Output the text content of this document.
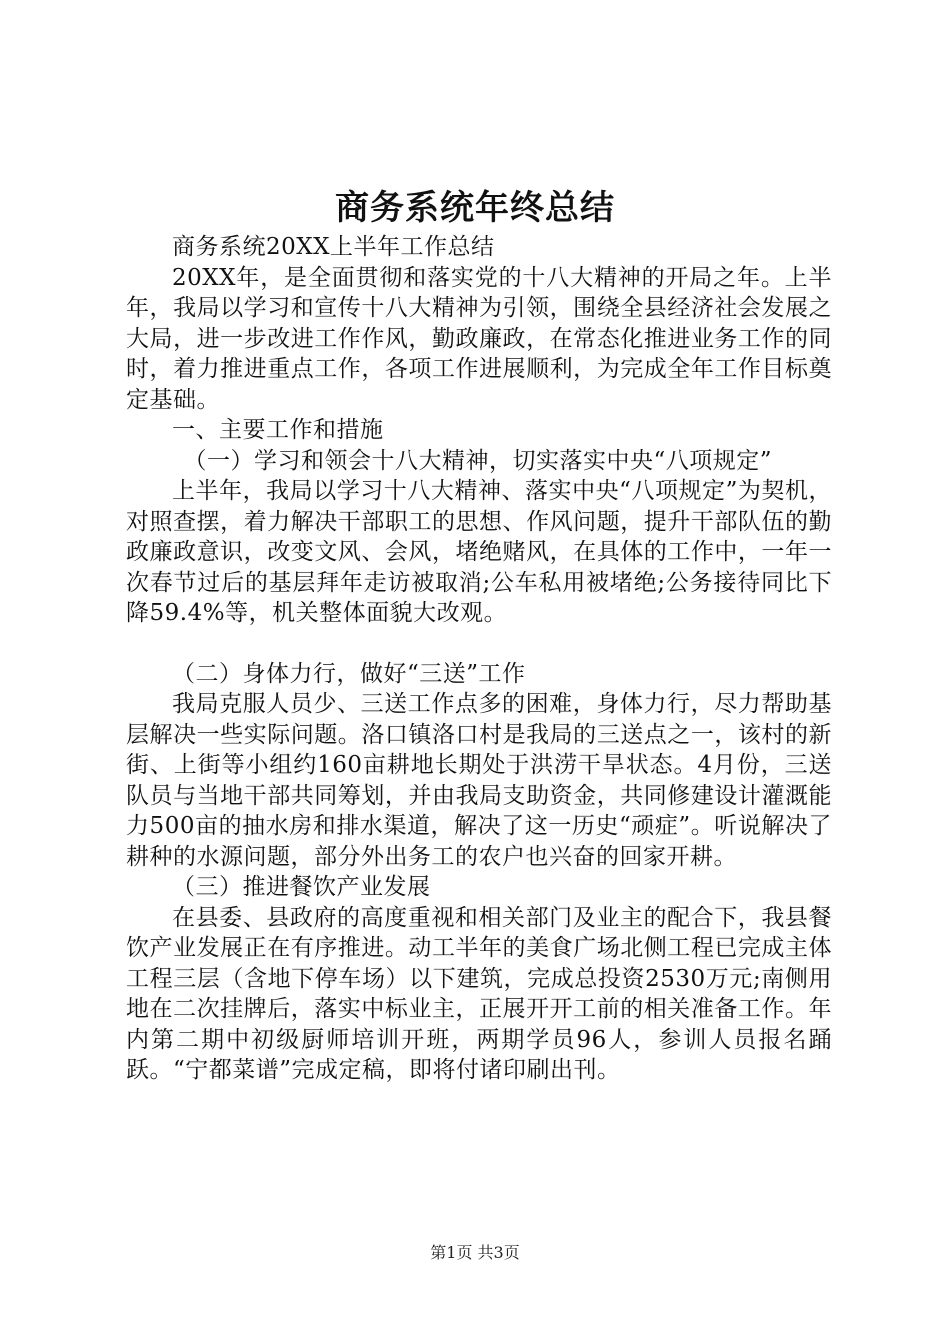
商务系统年终总结

商务系统20XX上半年工作总结

20XX年，是全面贯彻和落实党的十八大精神的开局之年。上半年，我局以学习和宣传十八大精神为引领，围绕全县经济社会发展之大局，进一步改进工作作风，勤政廉政，在常态化推进业务工作的同时，着力推进重点工作，各项工作进展顺利，为完成全年工作目标奠定基础。

一、主要工作和措施

（一）学习和领会十八大精神，切实落实中央“八项规定”

上半年，我局以学习十八大精神、落实中央“八项规定”为契机，对照查摆，着力解决干部职工的思想、作风问题，提升干部队伍的勤政廉政意识，改变文风、会风，堵绝赌风，在具体的工作中，一年一次春节过后的基层拜年走访被取消;公车私用被堵绝;公务接待同比下降59.4%等，机关整体面貌大改观。

（二）身体力行，做好“三送”工作

我局克服人员少、三送工作点多的困难，身体力行，尽力帮助基层解决一些实际问题。洛口镇洛口村是我局的三送点之一，该村的新街、上街等小组约160亩耕地长期处于洪涝干旱状态。4月份，三送队员与当地干部共同筹划，并由我局支助资金，共同修建设计灌溉能力500亩的抽水房和排水渠道，解决了这一历史“顽症”。听说解决了耕种的水源问题，部分外出务工的农户也兴奋的回家开耕。

（三）推进餐饮产业发展

在县委、县政府的高度重视和相关部门及业主的配合下，我县餐饮产业发展正在有序推进。动工半年的美食广场北侧工程已完成主体工程三层（含地下停车场）以下建筑，完成总投资2530万元;南侧用地在二次挂牌后，落实中标业主，正展开开工前的相关准备工作。年内第二期中初级厨师培训开班，两期学员96人，参训人员报名踊跃。“宁都菜谱”完成定稿，即将付诸印刷出刊。

第1页 共3页
